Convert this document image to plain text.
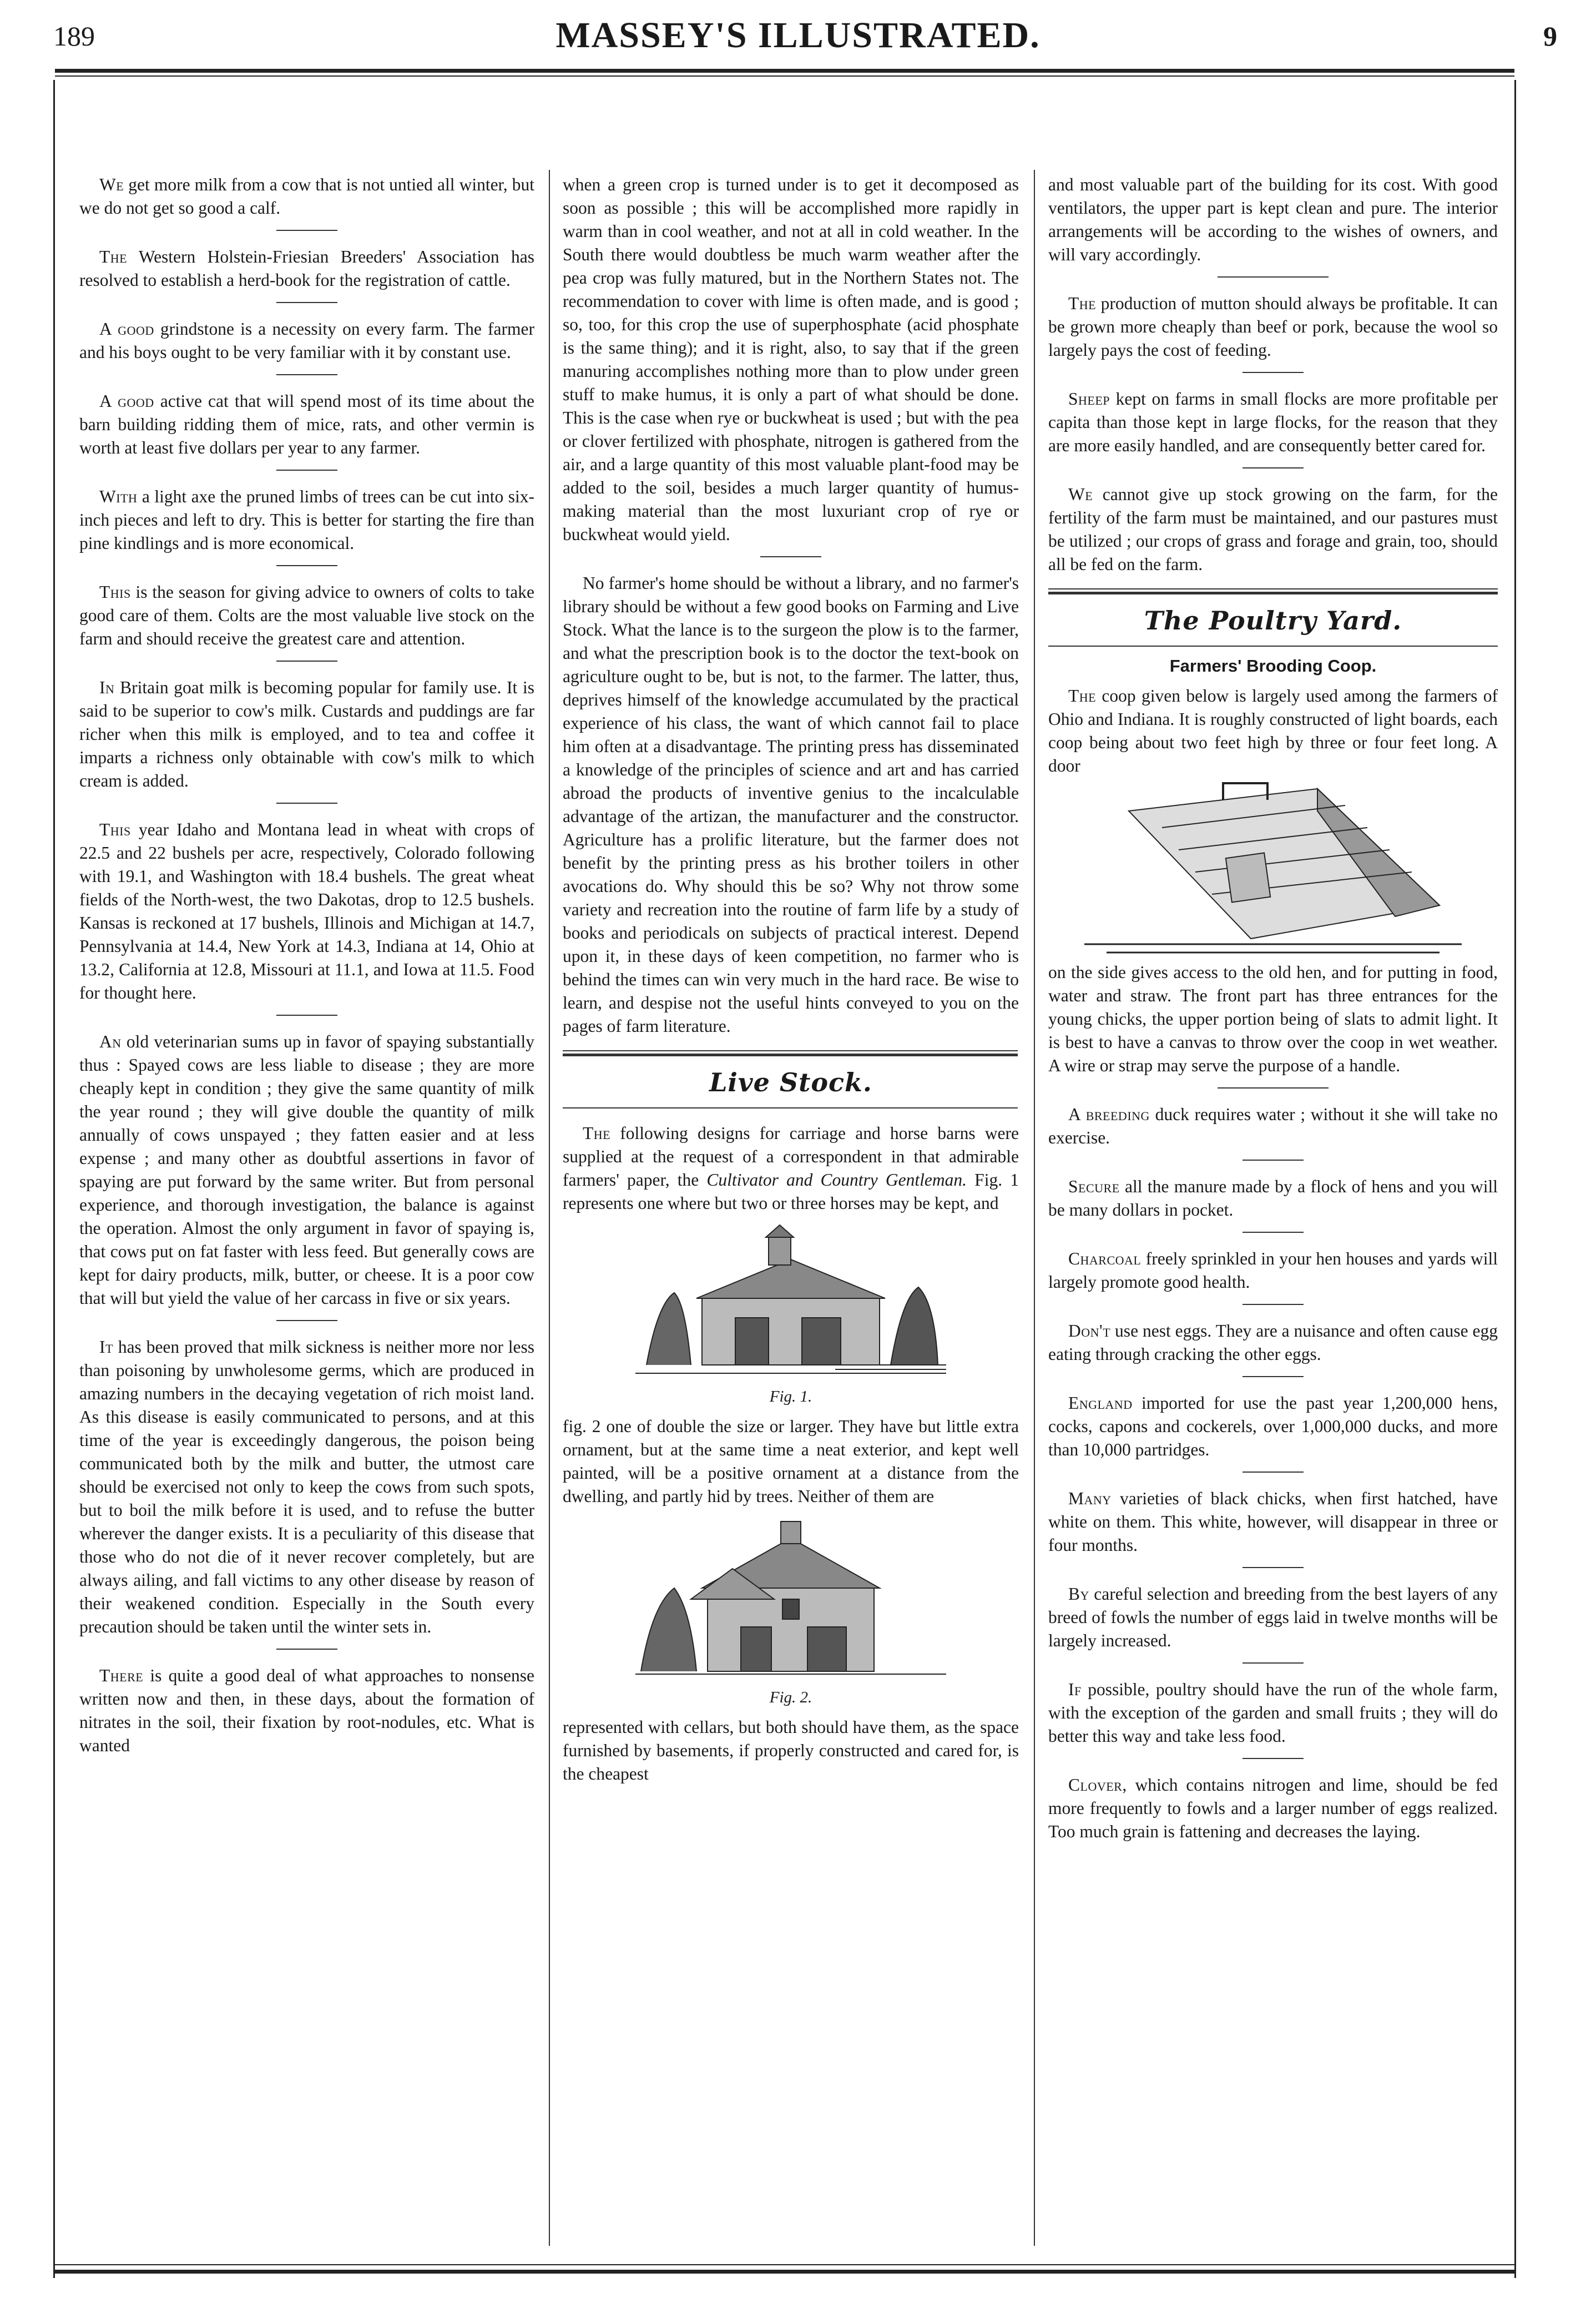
189	MASSEY'S ILLUSTRATED.	9

We get more milk from a cow that is not untied all winter, but we do not get so good a calf.

The Western Holstein-Friesian Breeders' Association has resolved to establish a herd-book for the registration of cattle.

A good grindstone is a necessity on every farm. The farmer and his boys ought to be very familiar with it by constant use.

A good active cat that will spend most of its time about the barn building ridding them of mice, rats, and other vermin is worth at least five dollars per year to any farmer.

With a light axe the pruned limbs of trees can be cut into six-inch pieces and left to dry. This is better for starting the fire than pine kindlings and is more economical.

This is the season for giving advice to owners of colts to take good care of them. Colts are the most valuable live stock on the farm and should receive the greatest care and attention.

In Britain goat milk is becoming popular for family use. It is said to be superior to cow's milk. Custards and puddings are far richer when this milk is employed, and to tea and coffee it imparts a richness only obtainable with cow's milk to which cream is added.

This year Idaho and Montana lead in wheat with crops of 22.5 and 22 bushels per acre, respectively, Colorado following with 19.1, and Washington with 18.4 bushels. The great wheat fields of the North-west, the two Dakotas, drop to 12.5 bushels. Kansas is reckoned at 17 bushels, Illinois and Michigan at 14.7, Pennsylvania at 14.4, New York at 14.3, Indiana at 14, Ohio at 13.2, California at 12.8, Missouri at 11.1, and Iowa at 11.5. Food for thought here.

An old veterinarian sums up in favor of spaying substantially thus : Spayed cows are less liable to disease ; they are more cheaply kept in condition ; they give the same quantity of milk the year round ; they will give double the quantity of milk annually of cows unspayed ; they fatten easier and at less expense ; and many other as doubtful assertions in favor of spaying are put forward by the same writer. But from personal experience, and thorough investigation, the balance is against the operation. Almost the only argument in favor of spaying is, that cows put on fat faster with less feed. But generally cows are kept for dairy products, milk, butter, or cheese. It is a poor cow that will but yield the value of her carcass in five or six years.

It has been proved that milk sickness is neither more nor less than poisoning by unwholesome germs, which are produced in amazing numbers in the decaying vegetation of rich moist land. As this disease is easily communicated to persons, and at this time of the year is exceedingly dangerous, the poison being communicated both by the milk and butter, the utmost care should be exercised not only to keep the cows from such spots, but to boil the milk before it is used, and to refuse the butter wherever the danger exists. It is a peculiarity of this disease that those who do not die of it never recover completely, but are always ailing, and fall victims to any other disease by reason of their weakened condition. Especially in the South every precaution should be taken until the winter sets in.

There is quite a good deal of what approaches to nonsense written now and then, in these days, about the formation of nitrates in the soil, their fixation by root-nodules, etc. What is wanted

when a green crop is turned under is to get it decomposed as soon as possible ; this will be accomplished more rapidly in warm than in cool weather, and not at all in cold weather. In the South there would doubtless be much warm weather after the pea crop was fully matured, but in the Northern States not. The recommendation to cover with lime is often made, and is good ; so, too, for this crop the use of superphosphate (acid phosphate is the same thing); and it is right, also, to say that if the green manuring accomplishes nothing more than to plow under green stuff to make humus, it is only a part of what should be done. This is the case when rye or buckwheat is used ; but with the pea or clover fertilized with phosphate, nitrogen is gathered from the air, and a large quantity of this most valuable plant-food may be added to the soil, besides a much larger quantity of humus-making material than the most luxuriant crop of rye or buckwheat would yield.

No farmer's home should be without a library, and no farmer's library should be without a few good books on Farming and Live Stock. What the lance is to the surgeon the plow is to the farmer, and what the prescription book is to the doctor the text-book on agriculture ought to be, but is not, to the farmer. The latter, thus, deprives himself of the knowledge accumulated by the practical experience of his class, the want of which cannot fail to place him often at a disadvantage. The printing press has disseminated a knowledge of the principles of science and art and has carried abroad the products of inventive genius to the incalculable advantage of the artizan, the manufacturer and the constructor. Agriculture has a prolific literature, but the farmer does not benefit by the printing press as his brother toilers in other avocations do. Why should this be so? Why not throw some variety and recreation into the routine of farm life by a study of books and periodicals on subjects of practical interest. Depend upon it, in these days of keen competition, no farmer who is behind the times can win very much in the hard race. Be wise to learn, and despise not the useful hints conveyed to you on the pages of farm literature.

Live Stock.

The following designs for carriage and horse barns were supplied at the request of a correspondent in that admirable farmers' paper, the Cultivator and Country Gentleman. Fig. 1 represents one where but two or three horses may be kept, and

Fig. 1.

fig. 2 one of double the size or larger. They have but little extra ornament, but at the same time a neat exterior, and kept well painted, will be a positive ornament at a distance from the dwelling, and partly hid by trees. Neither of them are

Fig. 2.

represented with cellars, but both should have them, as the space furnished by basements, if properly constructed and cared for, is the cheapest

and most valuable part of the building for its cost. With good ventilators, the upper part is kept clean and pure. The interior arrangements will be according to the wishes of owners, and will vary accordingly.

The production of mutton should always be profitable. It can be grown more cheaply than beef or pork, because the wool so largely pays the cost of feeding.

Sheep kept on farms in small flocks are more profitable per capita than those kept in large flocks, for the reason that they are more easily handled, and are consequently better cared for.

We cannot give up stock growing on the farm, for the fertility of the farm must be maintained, and our pastures must be utilized ; our crops of grass and forage and grain, too, should all be fed on the farm.

The Poultry Yard.
Farmers' Brooding Coop.

The coop given below is largely used among the farmers of Ohio and Indiana. It is roughly constructed of light boards, each coop being about two feet high by three or four feet long. A door

on the side gives access to the old hen, and for putting in food, water and straw. The front part has three entrances for the young chicks, the upper portion being of slats to admit light. It is best to have a canvas to throw over the coop in wet weather. A wire or strap may serve the purpose of a handle.

A breeding duck requires water ; without it she will take no exercise.

Secure all the manure made by a flock of hens and you will be many dollars in pocket.

Charcoal freely sprinkled in your hen houses and yards will largely promote good health.

Don't use nest eggs. They are a nuisance and often cause egg eating through cracking the other eggs.

England imported for use the past year 1,200,000 hens, cocks, capons and cockerels, over 1,000,000 ducks, and more than 10,000 partridges.

Many varieties of black chicks, when first hatched, have white on them. This white, however, will disappear in three or four months.

By careful selection and breeding from the best layers of any breed of fowls the number of eggs laid in twelve months will be largely increased.

If possible, poultry should have the run of the whole farm, with the exception of the garden and small fruits ; they will do better this way and take less food.

Clover, which contains nitrogen and lime, should be fed more frequently to fowls and a larger number of eggs realized. Too much grain is fattening and decreases the laying.
